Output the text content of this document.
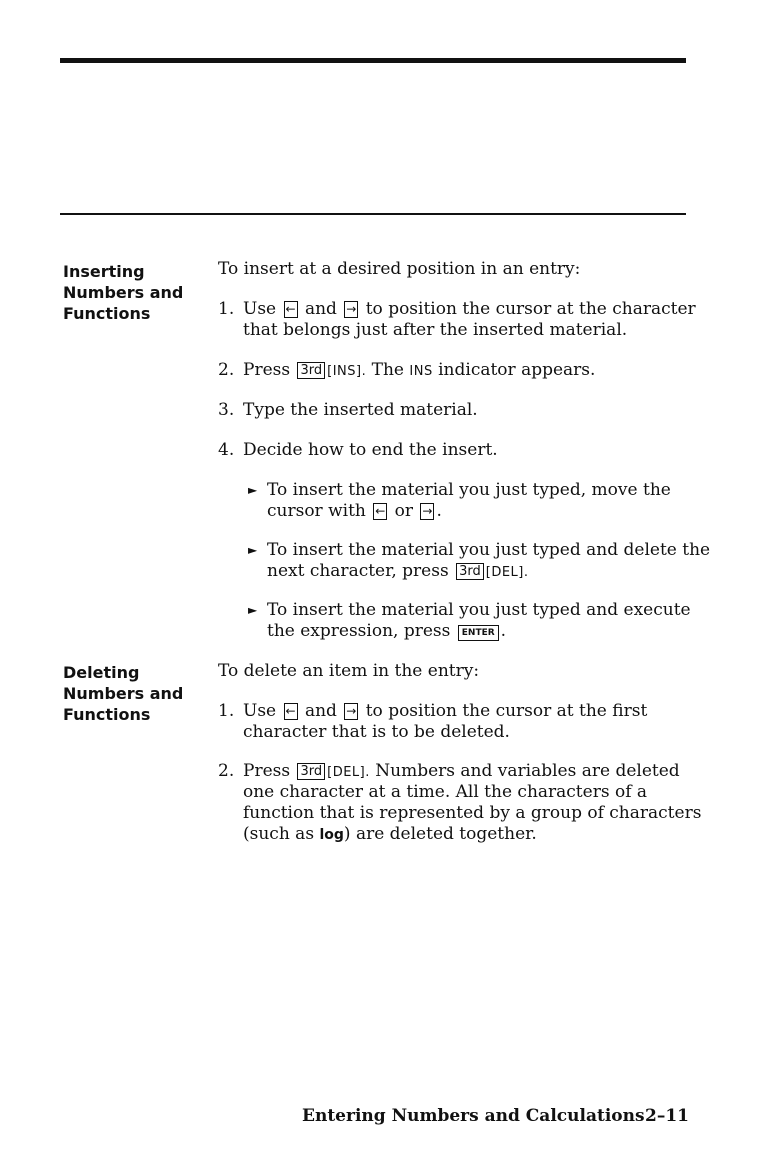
Inserting
Numbers and
Functions
To insert at a desired position in an entry:
1. Use ← and → to position the cursor at the character
that belongs just after the inserted material.
2. Press 3rd [INS]. The INS indicator appears.
3. Type the inserted material.
4. Decide how to end the insert.
► To insert the material you just typed, move the
cursor with ← or → .
► To insert the material you just typed and delete the
next character, press 3rd [DEL].
► To insert the material you just typed and execute
the expression, press ENTER .
Deleting
Numbers and
Functions
To delete an item in the entry:
1. Use ← and → to position the cursor at the first
character that is to be deleted.
2. Press 3rd [DEL]. Numbers and variables are deleted
one character at a time. All the characters of a
function that is represented by a group of characters
(such as log) are deleted together.
Entering Numbers and Calculations 2–11
